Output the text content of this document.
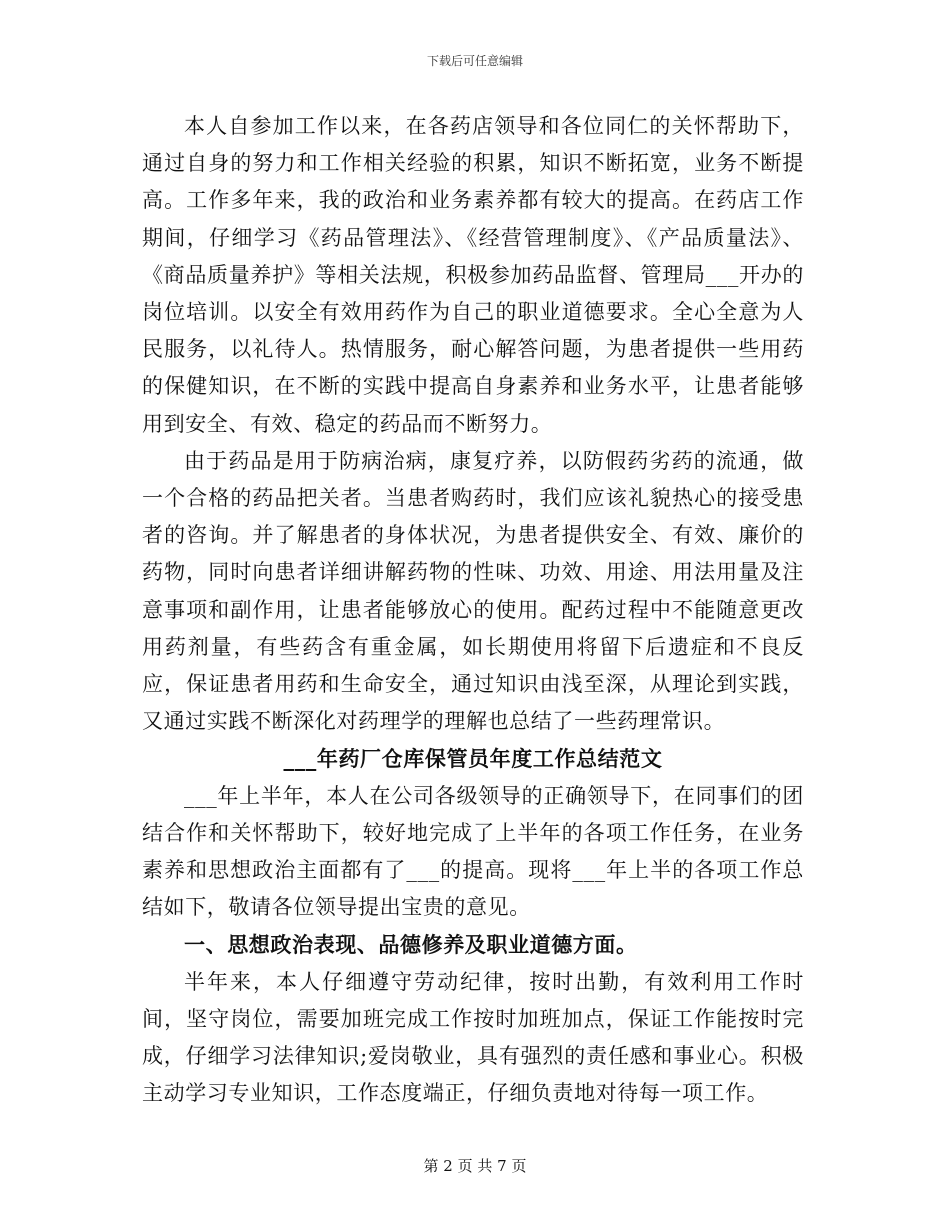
下载后可任意编辑

本人自参加工作以来，在各药店领导和各位同仁的关怀帮助下，通过自身的努力和工作相关经验的积累，知识不断拓宽，业务不断提高。工作多年来，我的政治和业务素养都有较大的提高。在药店工作期间，仔细学习《药品管理法》、《经营管理制度》、《产品质量法》、《商品质量养护》等相关法规，积极参加药品监督、管理局___开办的岗位培训。以安全有效用药作为自己的职业道德要求。全心全意为人民服务，以礼待人。热情服务，耐心解答问题，为患者提供一些用药的保健知识，在不断的实践中提高自身素养和业务水平，让患者能够用到安全、有效、稳定的药品而不断努力。

由于药品是用于防病治病，康复疗养，以防假药劣药的流通，做一个合格的药品把关者。当患者购药时，我们应该礼貌热心的接受患者的咨询。并了解患者的身体状况，为患者提供安全、有效、廉价的药物，同时向患者详细讲解药物的性味、功效、用途、用法用量及注意事项和副作用，让患者能够放心的使用。配药过程中不能随意更改用药剂量，有些药含有重金属，如长期使用将留下后遗症和不良反应，保证患者用药和生命安全，通过知识由浅至深，从理论到实践，又通过实践不断深化对药理学的理解也总结了一些药理常识。

___年药厂仓库保管员年度工作总结范文

___年上半年，本人在公司各级领导的正确领导下，在同事们的团结合作和关怀帮助下，较好地完成了上半年的各项工作任务，在业务素养和思想政治主面都有了___的提高。现将___年上半的各项工作总结如下，敬请各位领导提出宝贵的意见。

一、思想政治表现、品德修养及职业道德方面。

半年来，本人仔细遵守劳动纪律，按时出勤，有效利用工作时间，坚守岗位，需要加班完成工作按时加班加点，保证工作能按时完成，仔细学习法律知识;爱岗敬业，具有强烈的责任感和事业心。积极主动学习专业知识，工作态度端正，仔细负责地对待每一项工作。

第 2 页 共 7 页
